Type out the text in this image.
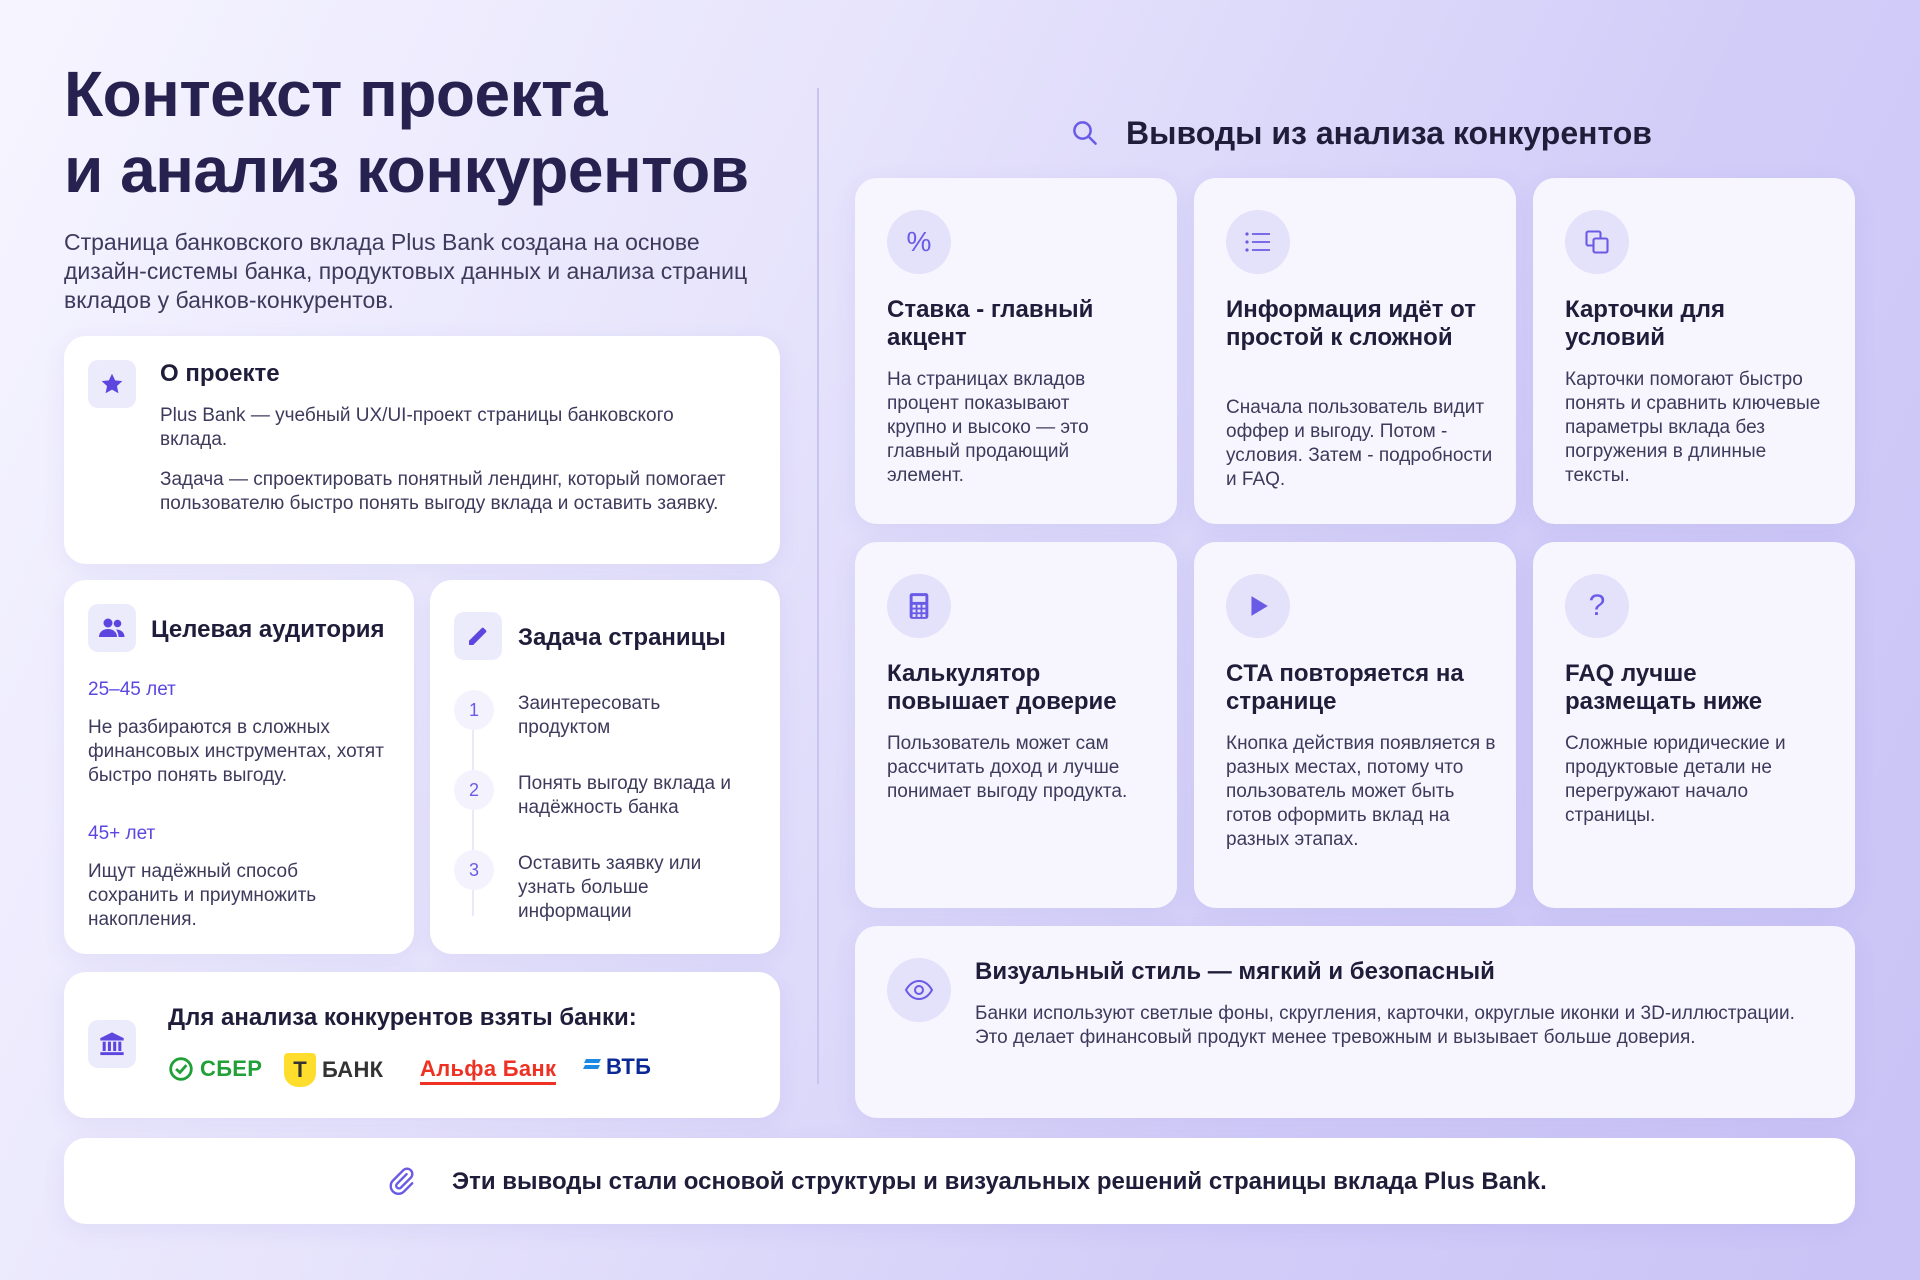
Контекст проекта
и анализ конкурентов

Страница банковского вклада Plus Bank создана на основе дизайн-системы банка, продуктовых данных и анализа страниц вкладов у банков-конкурентов.

О проекте
Plus Bank — учебный UX/UI-проект страницы банковского вклада.
Задача — спроектировать понятный лендинг, который помогает пользователю быстро понять выгоду вклада и оставить заявку.
Целевая аудитория
25–45 лет
Не разбираются в сложных финансовых инструментах, хотят быстро понять выгоду.
45+ лет
Ищут надёжный способ сохранить и приумножить накопления.
Задача страницы
1	Заинтересовать продуктом
2	Понять выгоду вклада и надёжность банка
3	Оставить заявку или узнать больше информации
Для анализа конкурентов взяты банки:
СБЕР Т БАНК Альфа Банк ВТБ
Выводы из анализа конкурентов
%
Ставка - главный акцент
На страницах вкладов процент показывают крупно и высоко — это главный продающий элемент.
Информация идёт от простой к сложной
Сначала пользователь видит оффер и выгоду. Потом - условия. Затем - подробности и FAQ.
Карточки для условий
Карточки помогают быстро понять и сравнить ключевые параметры вклада без погружения в длинные тексты.
Калькулятор повышает доверие
Пользователь может сам рассчитать доход и лучше понимает выгоду продукта.
CTA повторяется на странице
Кнопка действия появляется в разных местах, потому что пользователь может быть готов оформить вклад на разных этапах.
?
FAQ лучше размещать ниже
Сложные юридические и продуктовые детали не перегружают начало страницы.
Визуальный стиль — мягкий и безопасный
Банки используют светлые фоны, скругления, карточки, округлые иконки и 3D-иллюстрации. Это делает финансовый продукт менее тревожным и вызывает больше доверия.
Эти выводы стали основой структуры и визуальных решений страницы вклада Plus Bank.
